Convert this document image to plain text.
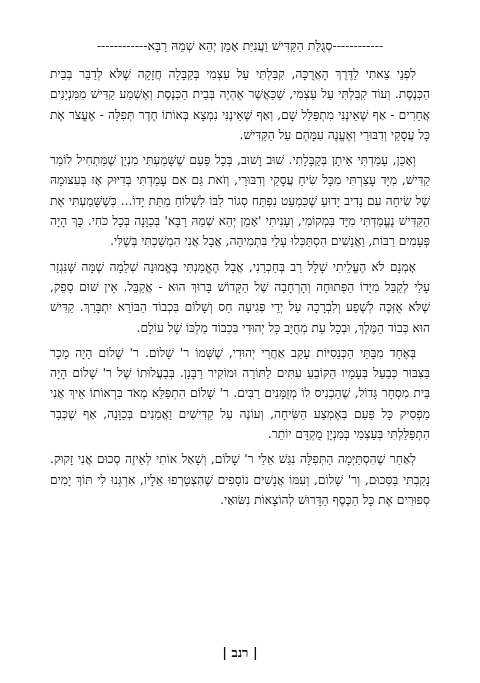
------------סְגֻלַּת הַקַּדִּישׁ וַעֲנִיַּת אָמֵן יְהֵא שְׁמֵהּ רַבָּא------------

לִפְנֵי צֵאתִי לַדֶּרֶךְ הָאֲרֻכָּה, קִבַּלְתִּי עַל עַצְמִי בְּקַבָּלָה חֲזָקָה שֶׁלֹּא לְדַבֵּר בְּבֵית הַכְּנֶסֶת. וְעוֹד קִבַּלְתִּי עַל עַצְמִי, שֶׁכַּאֲשֶׁר אֶהְיֶה בְּבֵית הַכְּנֶסֶת וְאֶשְׁמַע קַדִּישׁ מִמִּנְיָנִים אֲחֵרִים - אַף שֶׁאֵינֶנִּי מִתְפַּלֵּל שָׁם, וְאַף שֶׁאֵינֶנִּי נִמְצָא בְּאוֹתוֹ חֶדֶר תְּפִלָּה - אֶעֱצֹר אֶת כָּל עֲסָקַי וְדִבּוּרַי וְאֶעֱנֶה עִמָּהֶם עַל הַקַּדִּישׁ.

וְאָכֵן, עָמַדְתִּי אֵיתָן בְּקַבָּלָתִי. שׁוּב וָשׁוּב, בְּכָל פַּעַם שֶׁשָּׁמַעְתִּי מִנְיָן שֶׁמַּתְחִיל לוֹמַר קַדִּישׁ, מִיָּד עָצַרְתִּי מִכָּל שִׂיחַ עֲסָקַי וְדִבּוּרַי, וְזֹאת גַּם אִם עָמַדְתִּי בְּדִיּוּק אָז בְּעִצּוּמָהּ שֶׁל שִׂיחָה עִם נָדִיב יָדוּעַ שֶׁכִּמְעַט נִפְתַּח סְגוֹר לִבּוֹ לִשְׁלוֹחַ מַתַּת יָדוֹ... כְּשֶׁשָּׁמַעְתִּי אֶת הַקַּדִּישׁ נֶעֱמַדְתִּי מִיָּד בִּמְקוֹמִי, וְעָנִיתִי 'אָמֵן יְהֵא שְׁמֵהּ רַבָּא' בְּכַוָּנָה בְּכָל כֹּחִי. כָּךְ הָיָה פְּעָמִים רַבּוֹת, וַאֲנָשִׁים הִסְתַּכְּלוּ עָלַי בִּתְמִיהָה, אֲבָל אֲנִי הִמְשַׁכְתִּי בְּשֶׁלִּי.

אָמְנָם לֹא הֶעֱלֵיתִי שָׁלָל רַב בְּחַכְרַנִי, אֲבָל הֶאֱמַנְתִּי בֶּאֱמוּנָה שְׁלֵמָה שֶׁמָּה שֶּׁנִּגְזַר עָלַי לְקַבֵּל מִיָּדוֹ הַפְּתוּחָה וְהָרְחָבָה שֶׁל הַקָּדוֹשׁ בָּרוּךְ הוּא - אֲקַבֵּל. אֵין שׁוּם סָפֵק, שֶׁלֹּא אֻזְּכֶּה לְשֶׁפַע וְלִבְרָכָה עַל יְדֵי פְּגִיעָה חַס וְשָׁלוֹם בִּכְבוֹד הַבּוֹרֵא יִתְבָּרַךְ. קַדִּישׁ הוּא כְּבוֹד הַמֶּלֶךְ, וּבְכָל עֵת מְחֻיָּב כָּל יְהוּדִי בִּכְבוֹד מַלְכּוֹ שֶׁל עוֹלָם.

בְּאֶחָד מִבָּתֵּי הַכְּנֵסִיּוֹת עָקַב אַחֲרַי יְהוּדִי, שֶׁשְּׁמוֹ ר' שָׁלוֹם. ר' שָׁלוֹם הָיָה מָכָר בַּצִּבּוּר כְּבַעַל בְּעָמָיו הַקּוֹבֵעַ עִתִּים לַתּוֹרָה וּמוֹקִיר רַבָּנָן. בְּבַעֲלוּתוֹ שֶׁל ר' שָׁלוֹם הָיָה בֵּית מִסְחָר גָּדוֹל, שֶׁהַכְנִיס לוֹ מְזֻמָּנִים רַבִּים. ר' שָׁלוֹם הִתְפַּלֵּא מְאֹד בִּרְאוֹתוֹ אֵיךְ אֲנִי מַפְסִיק כָּל פַּעַם בְּאֶמְצַע הַשִּׂיחָה, וְעוֹנֶה עַל קַדִּישִׁים וַאֲמֵנִים בְּכַוָּנָה, אַף שֶׁכְּבָר הִתְפַּלַּלְתִּי בְּעַצְמִי בְּמִנְיָן מֻקְדָּם יוֹתֵר.

לְאַחַר שֶׁהִסְתַּיְּמָה הַתְּפִלָּה נִגַּשׁ אֵלַי ר' שָׁלוֹם, וְשָׁאַל אוֹתִי לְאֵיזֶה סְכוּם אֲנִי זָקוּק. נָקַבְתִּי בַּסְּכוּם, וְר' שָׁלוֹם, וְעִמּוֹ אֲנָשִׁים נוֹסָפִים שֶׁהִצְטָרְפוּ אֵלָיו, אִרְגְּנוּ לִי תּוֹךְ יָמִים סְפוּרִים אֶת כָּל הַכֶּסֶף הַדָּרוּשׁ לְהוֹצָאוֹת נִשּׂוּאַי.

| רנב |
